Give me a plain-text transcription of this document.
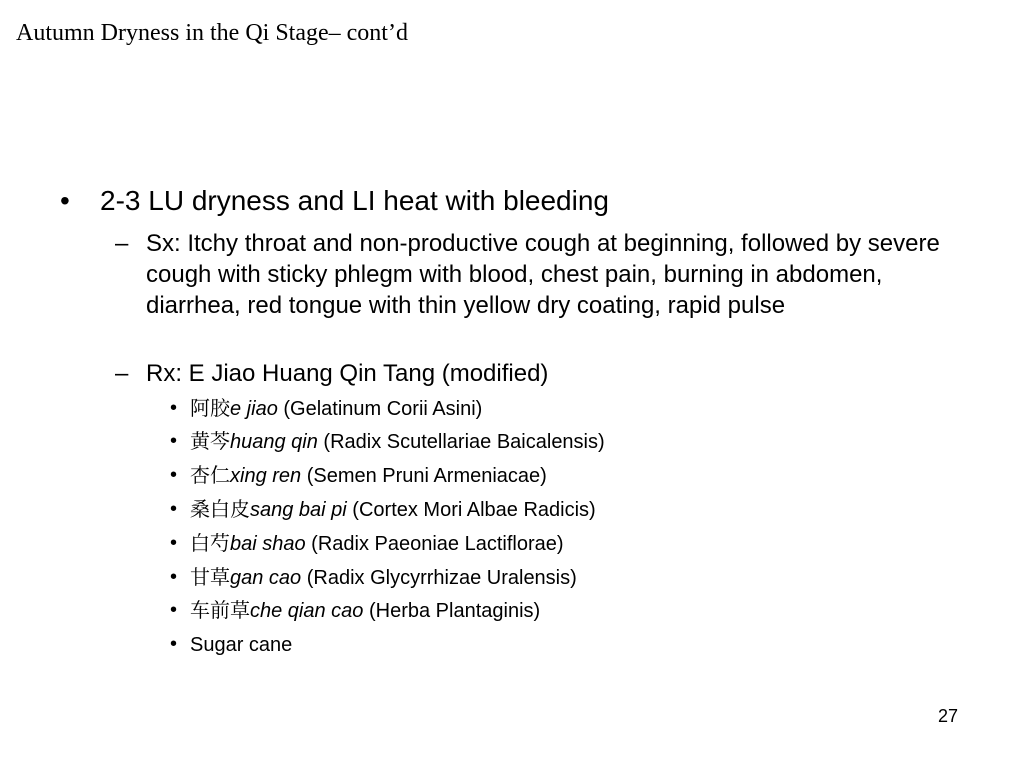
Autumn Dryness in the Qi Stage– cont’d
• 2-3 LU dryness and LI heat with bleeding
– Sx: Itchy throat and non-productive cough at beginning, followed by severe cough with sticky phlegm with blood, chest pain, burning in abdomen, diarrhea, red tongue with thin yellow dry coating, rapid pulse
– Rx: E Jiao Huang Qin Tang (modified)
• 阿胶e jiao (Gelatinum Corii Asini)
• 黄芩huang qin (Radix Scutellariae Baicalensis)
• 杏仁xing ren (Semen Pruni Armeniacae)
• 桑白皮sang bai pi (Cortex Mori Albae Radicis)
• 白芍bai shao (Radix Paeoniae Lactiflorae)
• 甘草gan cao (Radix Glycyrrhizae Uralensis)
• 车前草che qian cao (Herba Plantaginis)
• Sugar cane
27
